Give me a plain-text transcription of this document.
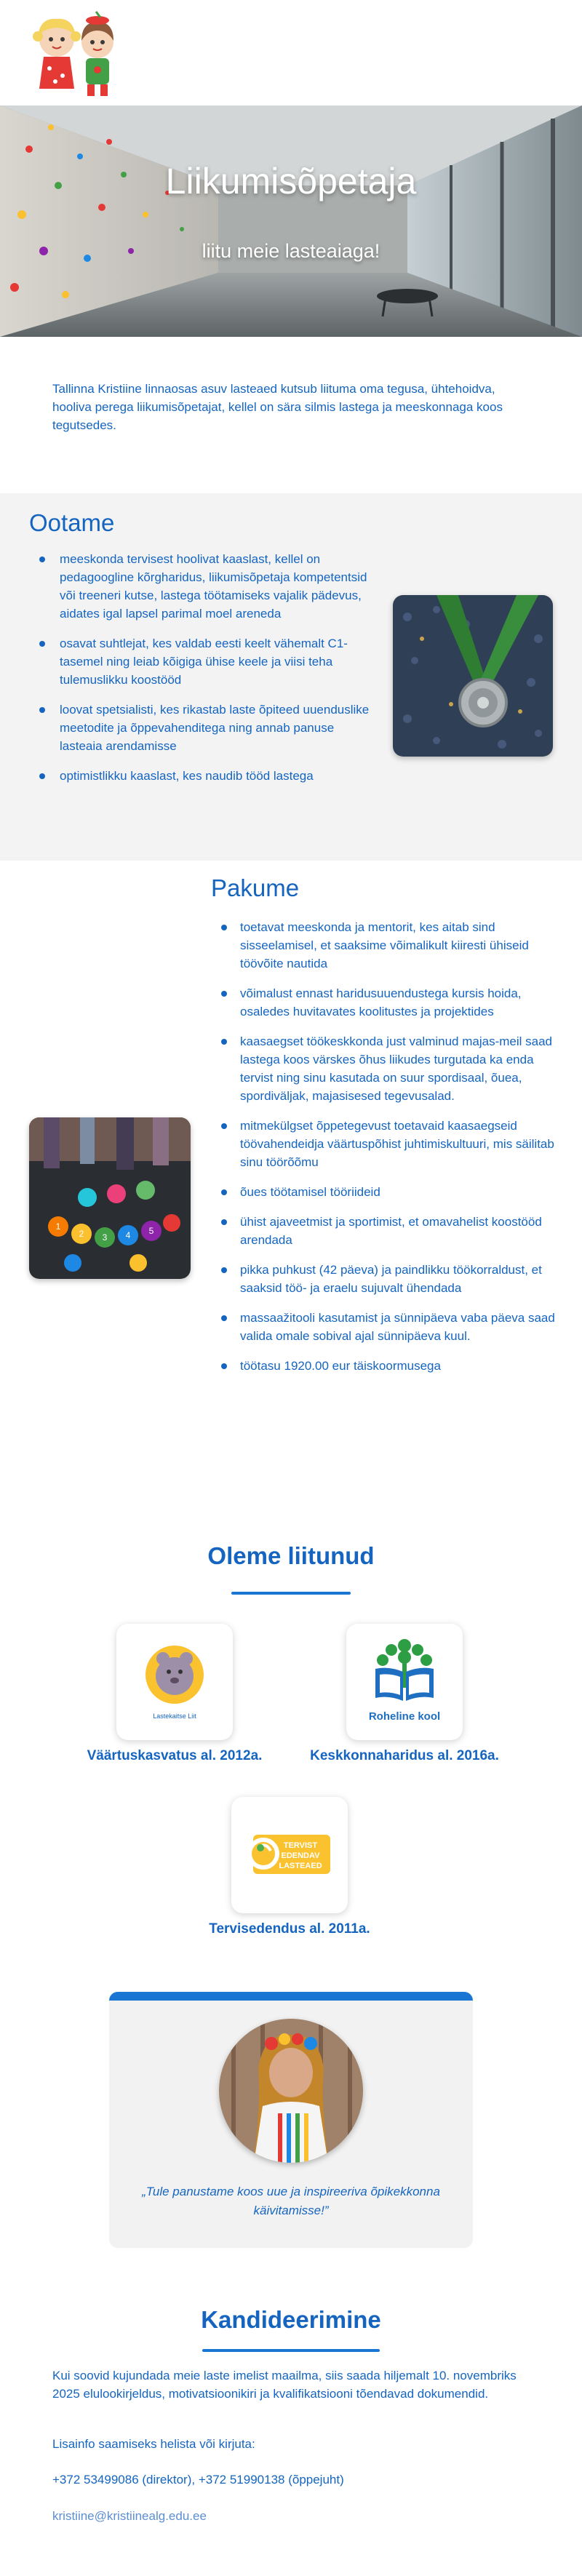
Liikumisõpetaja
liitu meie lasteaiaga!

Tallinna Kristiine linnaosas asuv lasteaed kutsub liituma oma tegusa, ühtehoidva, hooliva perega liikumisõpetajat, kellel on sära silmis lastega ja meeskonnaga koos tegutsedes.

Ootame
meeskonda tervisest hoolivat kaaslast, kellel on pedagoogline kõrgharidus, liikumisõpetaja kompetentsid või treeneri kutse, lastega töötamiseks vajalik pädevus, aidates igal lapsel parimal moel areneda
osavat suhtlejat, kes valdab eesti keelt vähemalt C1-tasemel ning leiab kõigiga ühise keele ja viisi teha tulemuslikku koostööd
loovat spetsialisti, kes rikastab laste õpiteed uuenduslike meetodite ja õppevahenditega ning annab panuse lasteaia arendamisse
optimistlikku kaaslast, kes naudib tööd lastega
Pakume
toetavat meeskonda ja mentorit, kes aitab sind sisseelamisel, et saaksime võimalikult kiiresti ühiseid töövõite nautida
võimalust ennast haridusuuendustega kursis hoida, osaledes huvitavates koolitustes ja projektides
kaasaegset töökeskkonda just valminud majas-meil saad lastega koos värskes õhus liikudes turgutada ka enda tervist ning sinu kasutada on suur spordisaal, õueа, spordiväljak, majasisesed tegevusalad.
mitmekülgset õppetegevust toetavaid kaasaegseid töövahendeidja väärtuspõhist juhtimiskultuuri, mis säilitab sinu töörõõmu
õues töötamisel tööriideid
ühist ajaveetmist ja sportimist, et omavahelist koostööd arendada
pikka puhkust (42 päeva) ja paindlikku töökorraldust, et saaksid töö- ja eraelu sujuvalt ühendada
massaažitooli kasutamist ja sünnipäeva vaba päeva saad valida omale sobival ajal sünnipäeva kuul.
töötasu 1920.00 eur täiskoormusega
1
2 3 4 5
Oleme liitunud
Lastekaitse Liit
Väärtuskasvatus al. 2012a.
Roheline kool
Keskkonnaharidus al. 2016a.
TERVIST
EDENDAV
LASTEAED
Tervisedendus al. 2011a.

„Tule panustame koos uue ja inspireeriva õpikekkonna käivitamisse!”

Kandideerimine

Kui soovid kujundada meie laste imelist maailma, siis saada hiljemalt 10. novembriks 2025 elulookirjeldus, motivatsioonikiri ja kvalifikatsiooni tõendavad dokumendid.

Lisainfo saamiseks helista või kirjuta:

+372 53499086 (direktor), +372 51990138 (õppejuht)

kristiine@kristiinealg.edu.ee
